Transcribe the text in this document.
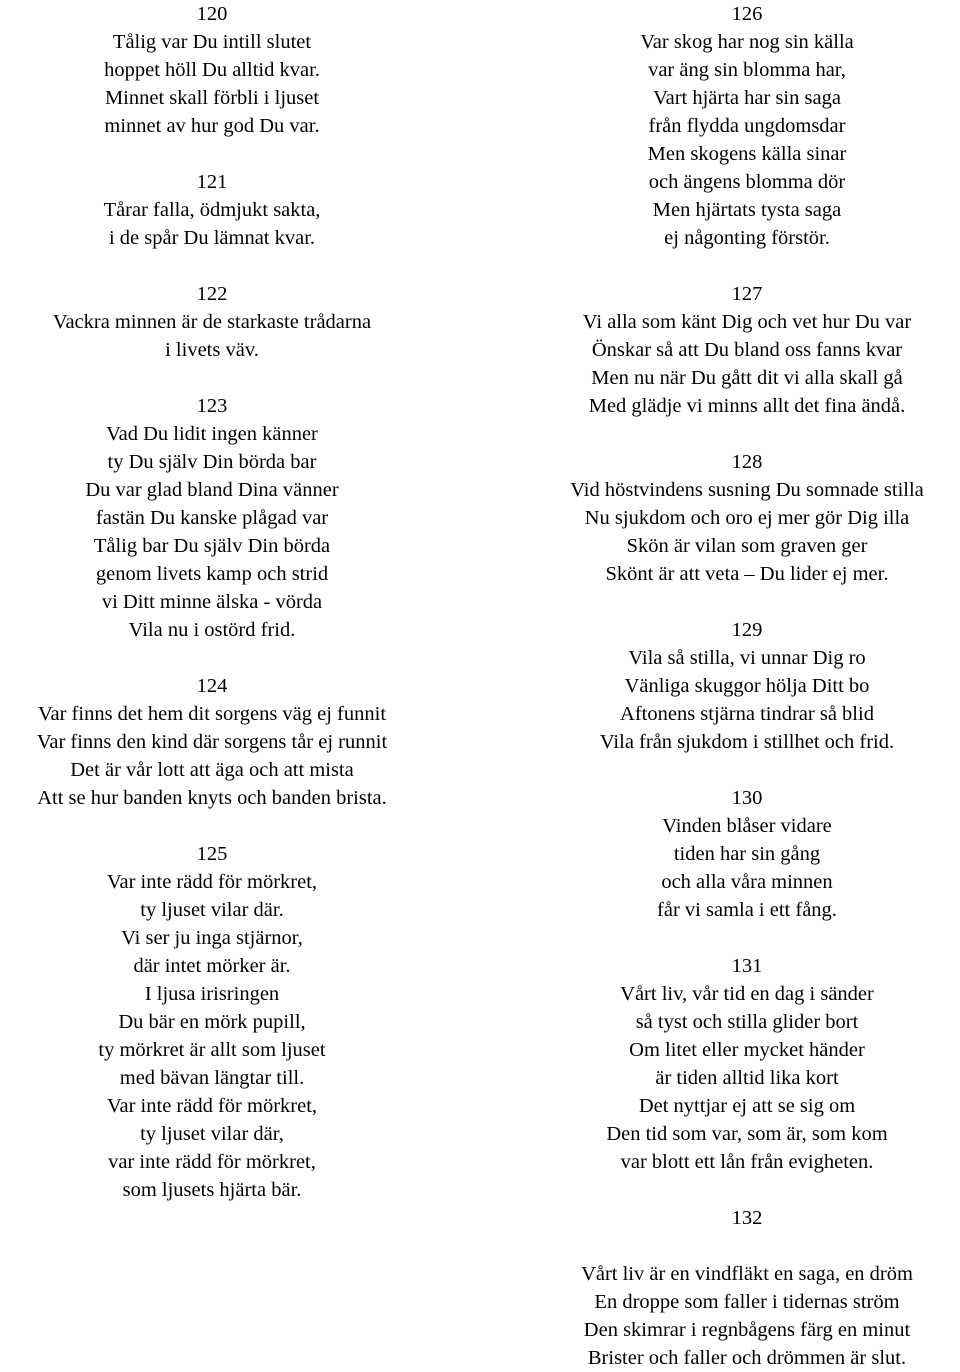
120
Tålig var Du intill slutet
hoppet höll Du alltid kvar.
Minnet skall förbli i ljuset
minnet av hur god Du var.
121
Tårar falla, ödmjukt sakta,
i de spår Du lämnat kvar.
122
Vackra minnen är de starkaste trådarna
i livets väv.
123
Vad Du lidit ingen känner
ty Du själv Din börda bar
Du var glad bland Dina vänner
fastän Du kanske plågad var
Tålig bar Du själv Din börda
genom livets kamp och strid
vi Ditt minne älska - vörda
Vila nu i ostörd frid.
124
Var finns det hem dit sorgens väg ej funnit
Var finns den kind där sorgens tår ej runnit
Det är vår lott att äga och att mista
Att se hur banden knyts och banden brista.
125
Var inte rädd för mörkret,
ty ljuset vilar där.
Vi ser ju inga stjärnor,
där intet mörker är.
I ljusa irisringen
Du bär en mörk pupill,
ty mörkret är allt som ljuset
med bävan längtar till.
Var inte rädd för mörkret,
ty ljuset vilar där,
var inte rädd för mörkret,
som ljusets hjärta bär.
126
Var skog har nog sin källa
var äng sin blomma har,
Vart hjärta har sin saga
från flydda ungdomsdar
Men skogens källa sinar
och ängens blomma dör
Men hjärtats tysta saga
ej någonting förstör.
127
Vi alla som känt Dig och vet hur Du var
Önskar så att Du bland oss fanns kvar
Men nu när Du gått dit vi alla skall gå
Med glädje vi minns allt det fina ändå.
128
Vid höstvindens susning Du somnade stilla
Nu sjukdom och oro ej mer gör Dig illa
Skön är vilan som graven ger
Skönt är att veta – Du lider ej mer.
129
Vila så stilla, vi unnar Dig ro
Vänliga skuggor hölja Ditt bo
Aftonens stjärna tindrar så blid
Vila från sjukdom i stillhet och frid.
130
Vinden blåser vidare
tiden har sin gång
och alla våra minnen
får vi samla i ett fång.
131
Vårt liv, vår tid en dag i sänder
så tyst och stilla glider bort
Om litet eller mycket händer
är tiden alltid lika kort
Det nyttjar ej att se sig om
Den tid som var, som är, som kom
var blott ett lån från evigheten.
132
Vårt liv är en vindfläkt en saga, en dröm
En droppe som faller i tidernas ström
Den skimrar i regnbågens färg en minut
Brister och faller och drömmen är slut.
